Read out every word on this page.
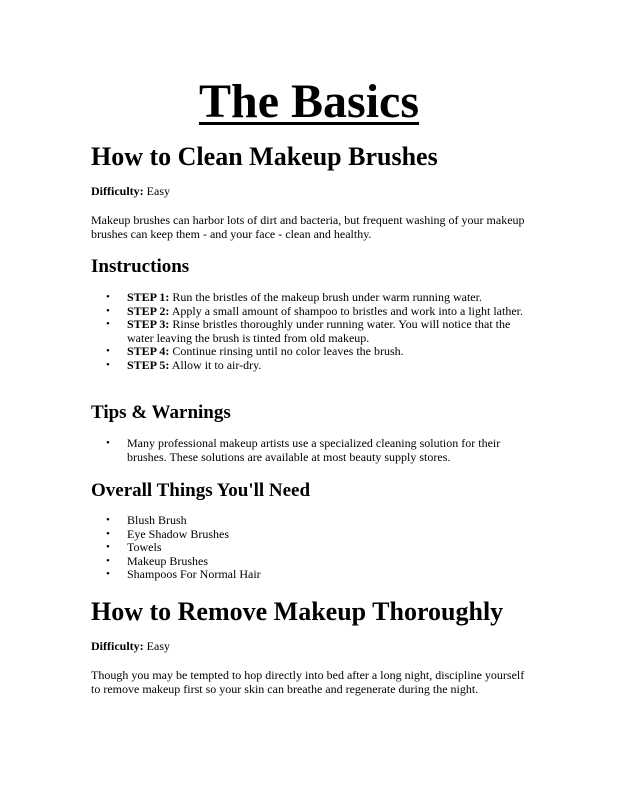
The Basics
How to Clean Makeup Brushes

Difficulty: Easy

Makeup brushes can harbor lots of dirt and bacteria, but frequent washing of your makeup brushes can keep them - and your face - clean and healthy.

Instructions
• STEP 1: Run the bristles of the makeup brush under warm running water.
• STEP 2: Apply a small amount of shampoo to bristles and work into a light lather.
• STEP 3: Rinse bristles thoroughly under running water. You will notice that the water leaving the brush is tinted from old makeup.
• STEP 4: Continue rinsing until no color leaves the brush.
• STEP 5: Allow it to air-dry.
Tips & Warnings
• Many professional makeup artists use a specialized cleaning solution for their brushes. These solutions are available at most beauty supply stores.
Overall Things You'll Need
• Blush Brush
• Eye Shadow Brushes
• Towels
• Makeup Brushes
• Shampoos For Normal Hair
How to Remove Makeup Thoroughly

Difficulty: Easy

Though you may be tempted to hop directly into bed after a long night, discipline yourself to remove makeup first so your skin can breathe and regenerate during the night.
